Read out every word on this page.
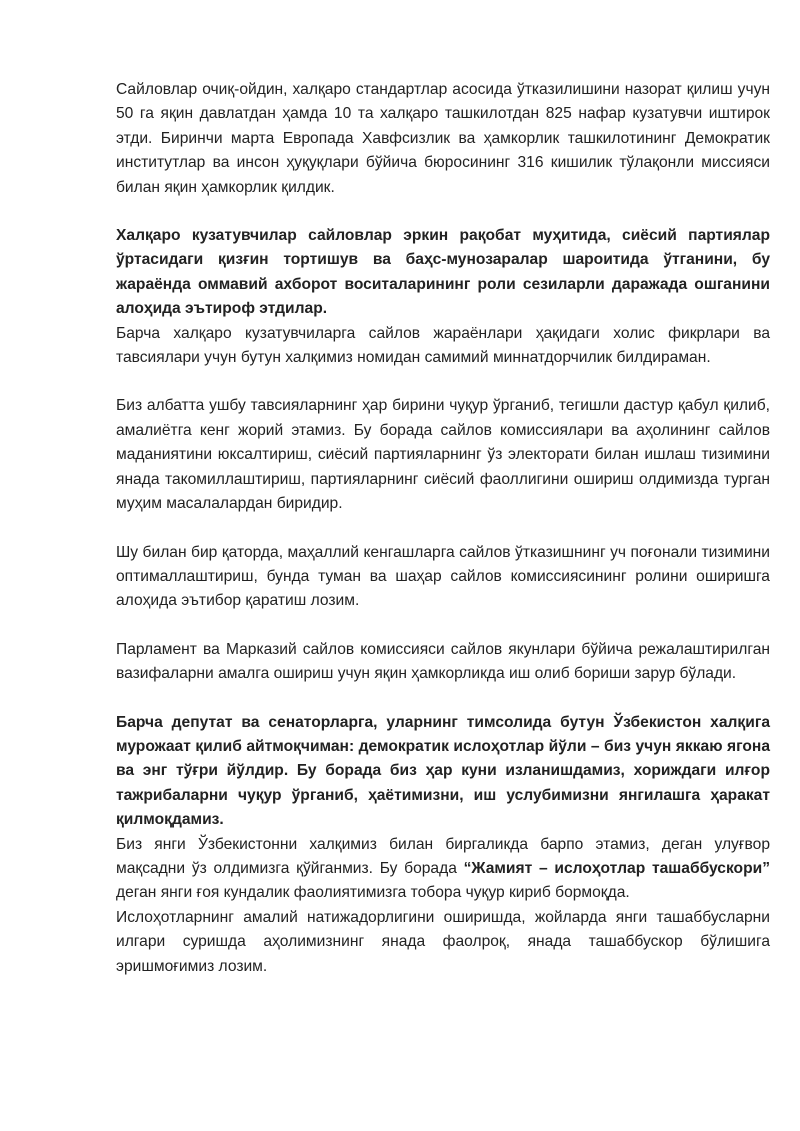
Сайловлар очиқ-ойдин, халқаро стандартлар асосида ўтказилишини назорат қилиш учун 50 га яқин давлатдан ҳамда 10 та халқаро ташкилотдан 825 нафар кузатувчи иштирок этди. Биринчи марта Европада Хавфсизлик ва ҳамкорлик ташкилотининг Демократик институтлар ва инсон ҳуқуқлари бўйича бюросининг 316 кишилик тўлақонли миссияси билан яқин ҳамкорлик қилдик.

Халқаро кузатувчилар сайловлар эркин рақобат муҳитида, сиёсий партиялар ўртасидаги қизғин тортишув ва баҳс-мунозаралар шароитида ўтганини, бу жараёнда оммавий ахборот воситаларининг роли сезиларли даражада ошганини алоҳида эътироф этдилар.

Барча халқаро кузатувчиларга сайлов жараёнлари ҳақидаги холис фикрлари ва тавсиялари учун бутун халқимиз номидан самимий миннатдорчилик билдираман.

Биз албатта ушбу тавсияларнинг ҳар бирини чуқур ўрганиб, тегишли дастур қабул қилиб, амалиётга кенг жорий этамиз. Бу борада сайлов комиссиялари ва аҳолининг сайлов маданиятини юксалтириш, сиёсий партияларнинг ўз электорати билан ишлаш тизимини янада такомиллаштириш, партияларнинг сиёсий фаоллигини ошириш олдимизда турган муҳим масалалардан биридир.

Шу билан бир қаторда, маҳаллий кенгашларга сайлов ўтказишнинг уч поғонали тизимини оптималлаштириш, бунда туман ва шаҳар сайлов комиссиясининг ролини оширишга алоҳида эътибор қаратиш лозим.

Парламент ва Марказий сайлов комиссияси сайлов якунлари бўйича режалаштирилган вазифаларни амалга ошириш учун яқин ҳамкорликда иш олиб бориши зарур бўлади.

Барча депутат ва сенаторларга, уларнинг тимсолида бутун Ўзбекистон халқига мурожаат қилиб айтмоқчиман: демократик ислоҳотлар йўли – биз учун яккаю ягона ва энг тўғри йўлдир. Бу борада биз ҳар куни изланишдамиз, хориждаги илғор тажрибаларни чуқур ўрганиб, ҳаётимизни, иш услубимизни янгилашга ҳаракат қилмоқдамиз.

Биз янги Ўзбекистонни халқимиз билан биргаликда барпо этамиз, деган улуғвор мақсадни ўз олдимизга қўйганмиз. Бу борада “Жамият – ислоҳотлар ташаббускори” деган янги ғоя кундалик фаолиятимизга тобора чуқур кириб бормоқда.

Ислоҳотларнинг амалий натижадорлигини оширишда, жойларда янги ташаббусларни илгари суришда аҳолимизнинг янада фаолроқ, янада ташаббускор бўлишига эришмоғимиз лозим.
